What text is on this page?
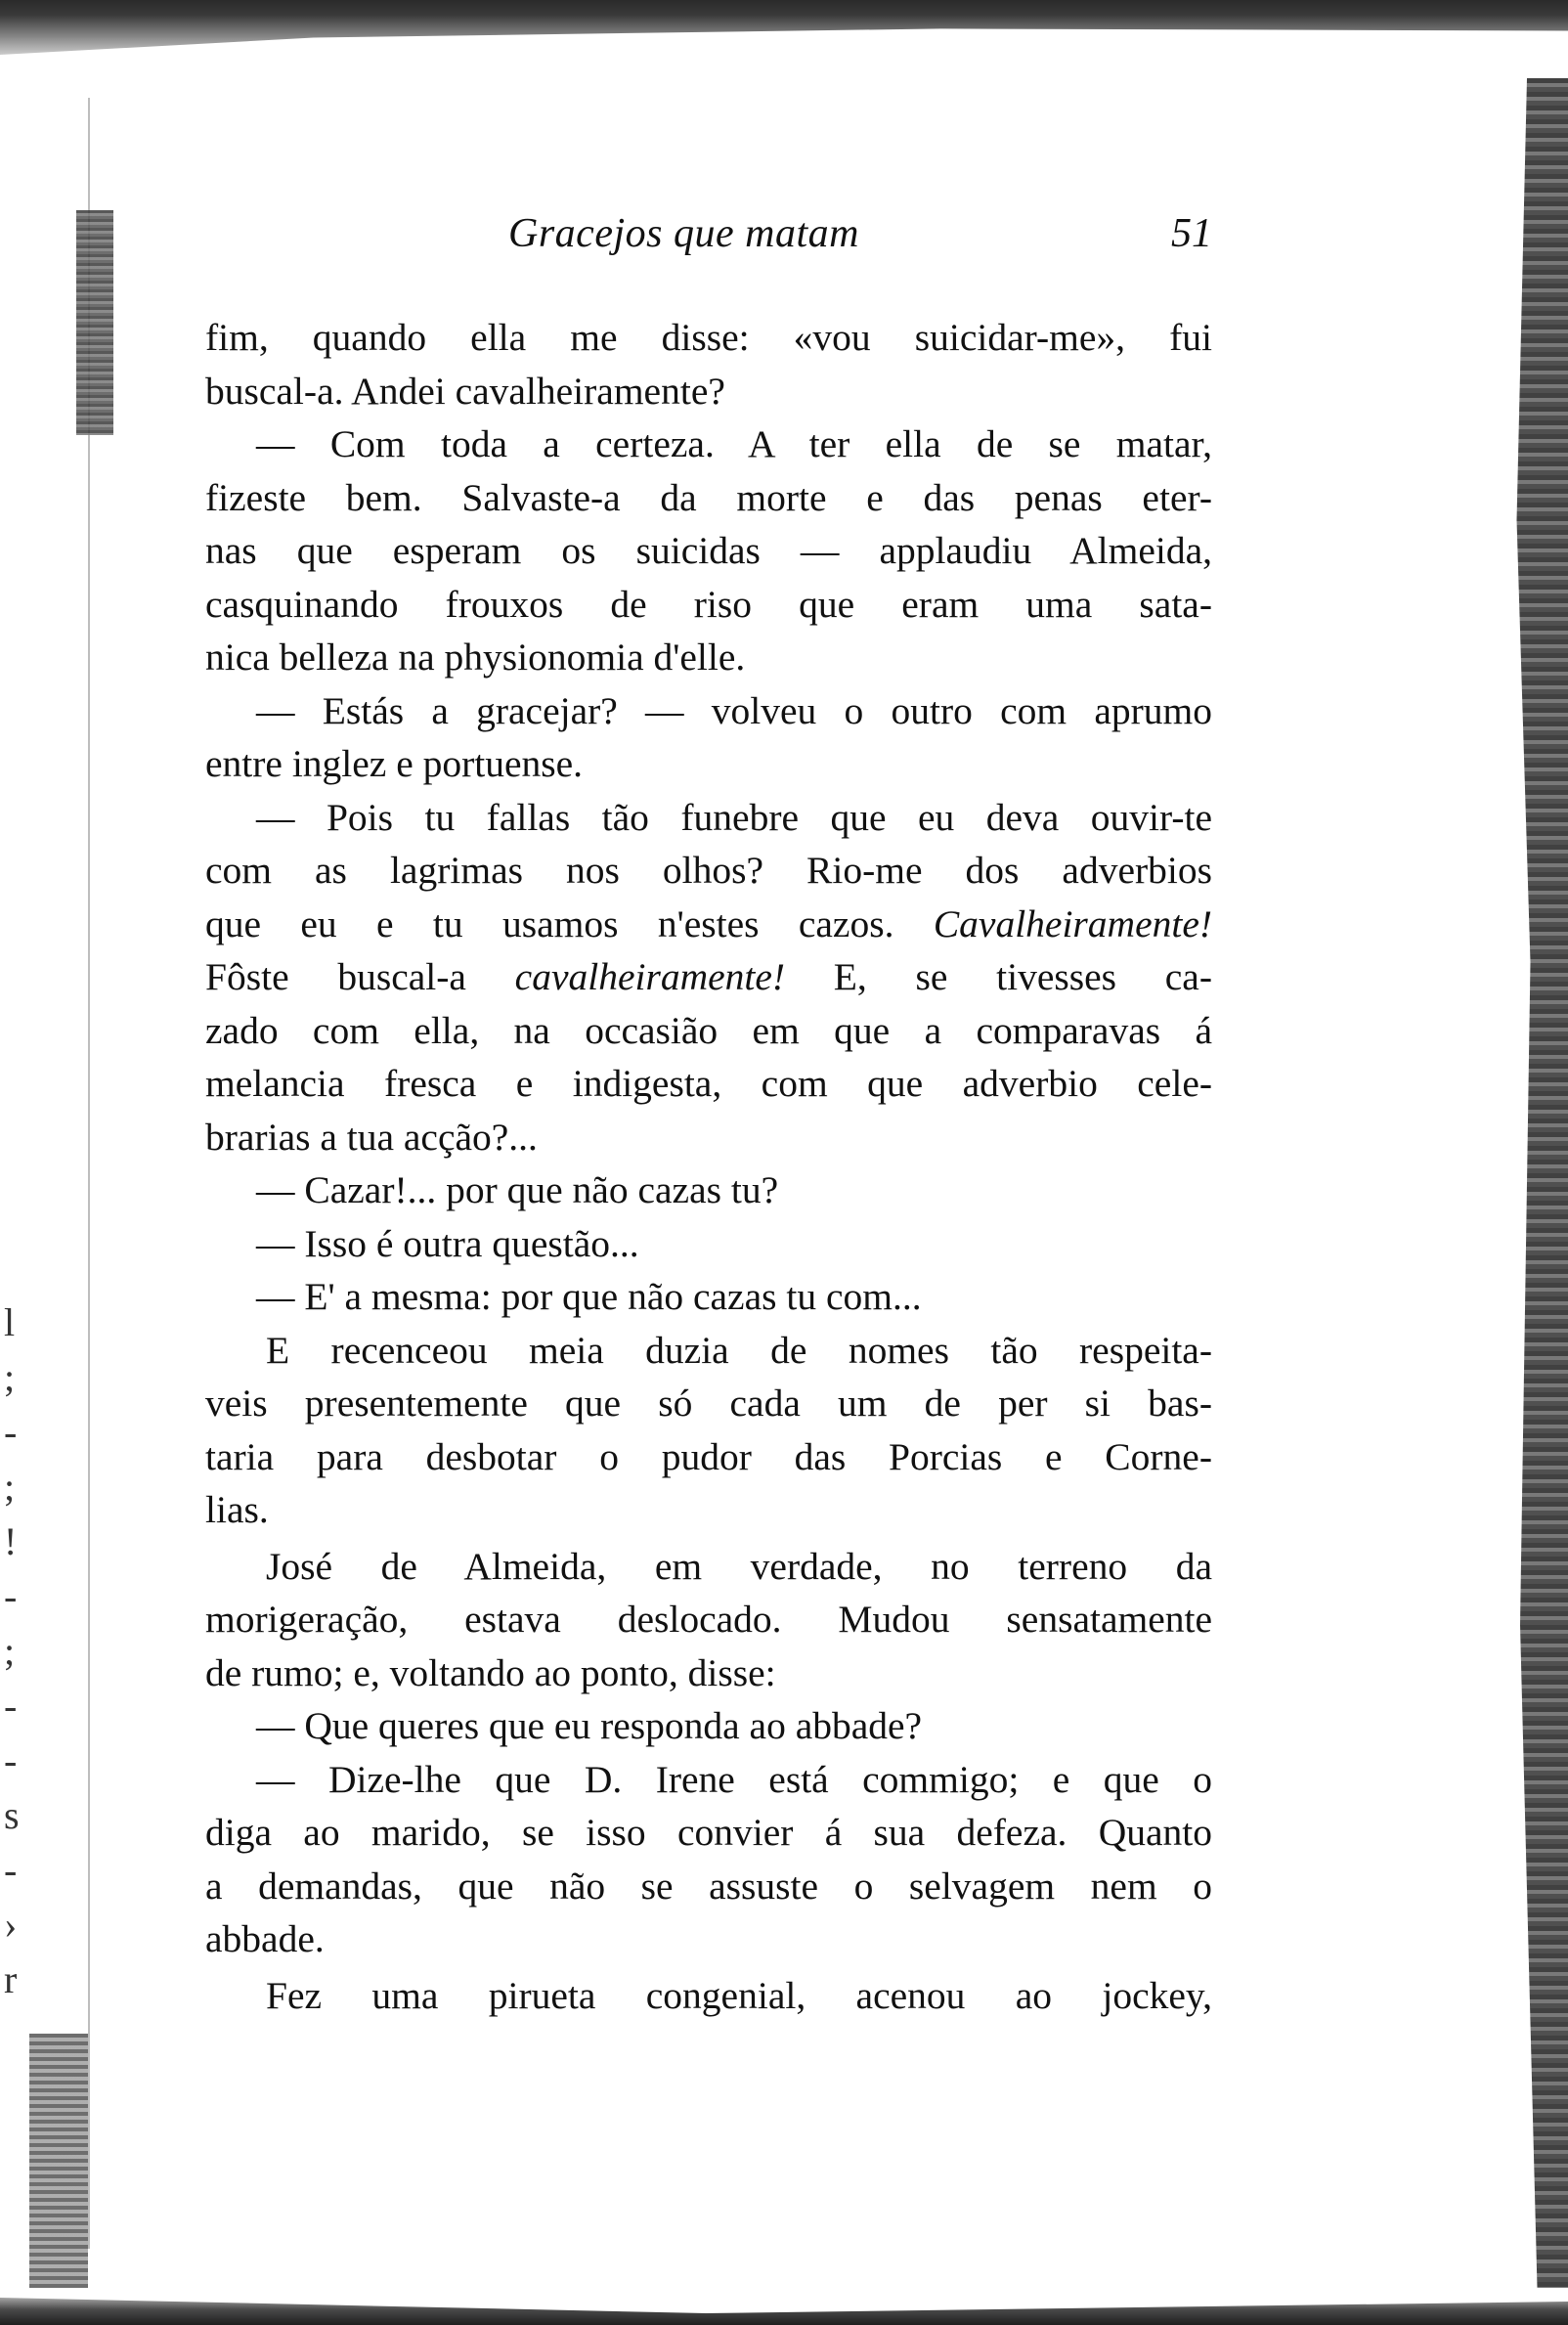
l
;
-
;
!
-
;
-
-
s
-
›
r
Gracejos que matam	51
fim, quando ella me disse: «vou suicidar-me», fui
buscal-a. Andei cavalheiramente?
— Com toda a certeza. A ter ella de se matar,
fizeste bem. Salvaste-a da morte e das penas eter-
nas que esperam os suicidas — applaudiu Almeida,
casquinando frouxos de riso que eram uma sata-
nica belleza na physionomia d'elle.
— Estás a gracejar? — volveu o outro com aprumo
entre inglez e portuense.
— Pois tu fallas tão funebre que eu deva ouvir-te
com as lagrimas nos olhos? Rio-me dos adverbios
que eu e tu usamos n'estes cazos. Cavalheiramente!
Fôste buscal-a cavalheiramente! E, se tivesses ca-
zado com ella, na occasião em que a comparavas á
melancia fresca e indigesta, com que adverbio cele-
brarias a tua acção?...
— Cazar!... por que não cazas tu?
— Isso é outra questão...
— E' a mesma: por que não cazas tu com...
E recenceou meia duzia de nomes tão respeita-
veis presentemente que só cada um de per si bas-
taria para desbotar o pudor das Porcias e Corne-
lias.
José de Almeida, em verdade, no terreno da
morigeração, estava deslocado. Mudou sensatamente
de rumo; e, voltando ao ponto, disse:
— Que queres que eu responda ao abbade?
— Dize-lhe que D. Irene está commigo; e que o
diga ao marido, se isso convier á sua defeza. Quanto
a demandas, que não se assuste o selvagem nem o
abbade.
Fez uma pirueta congenial, acenou ao jockey,
